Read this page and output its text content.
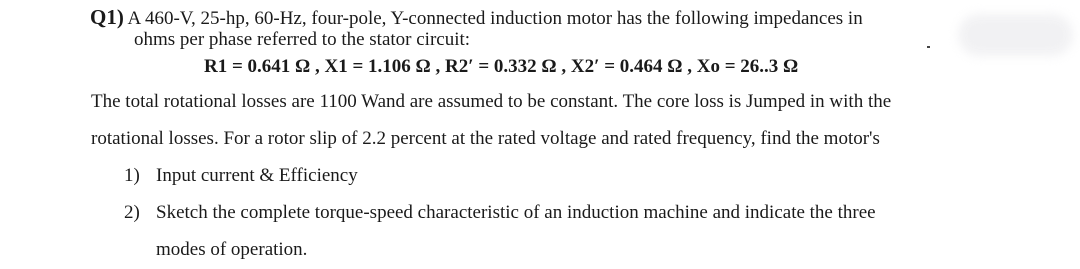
Q1) A 460-V, 25-hp, 60-Hz, four-pole, Y-connected induction motor has the following impedances in
ohms per phase referred to the stator circuit:
R1 = 0.641 Ω , X1 = 1.106 Ω , R2′ = 0.332 Ω , X2′ = 0.464 Ω , Xo = 26..3 Ω
The total rotational losses are 1100 Wand are assumed to be constant. The core loss is Jumped in with the
rotational losses. For a rotor slip of 2.2 percent at the rated voltage and rated frequency, find the motor's
1) Input current & Efficiency
2) Sketch the complete torque-speed characteristic of an induction machine and indicate the three
modes of operation.
